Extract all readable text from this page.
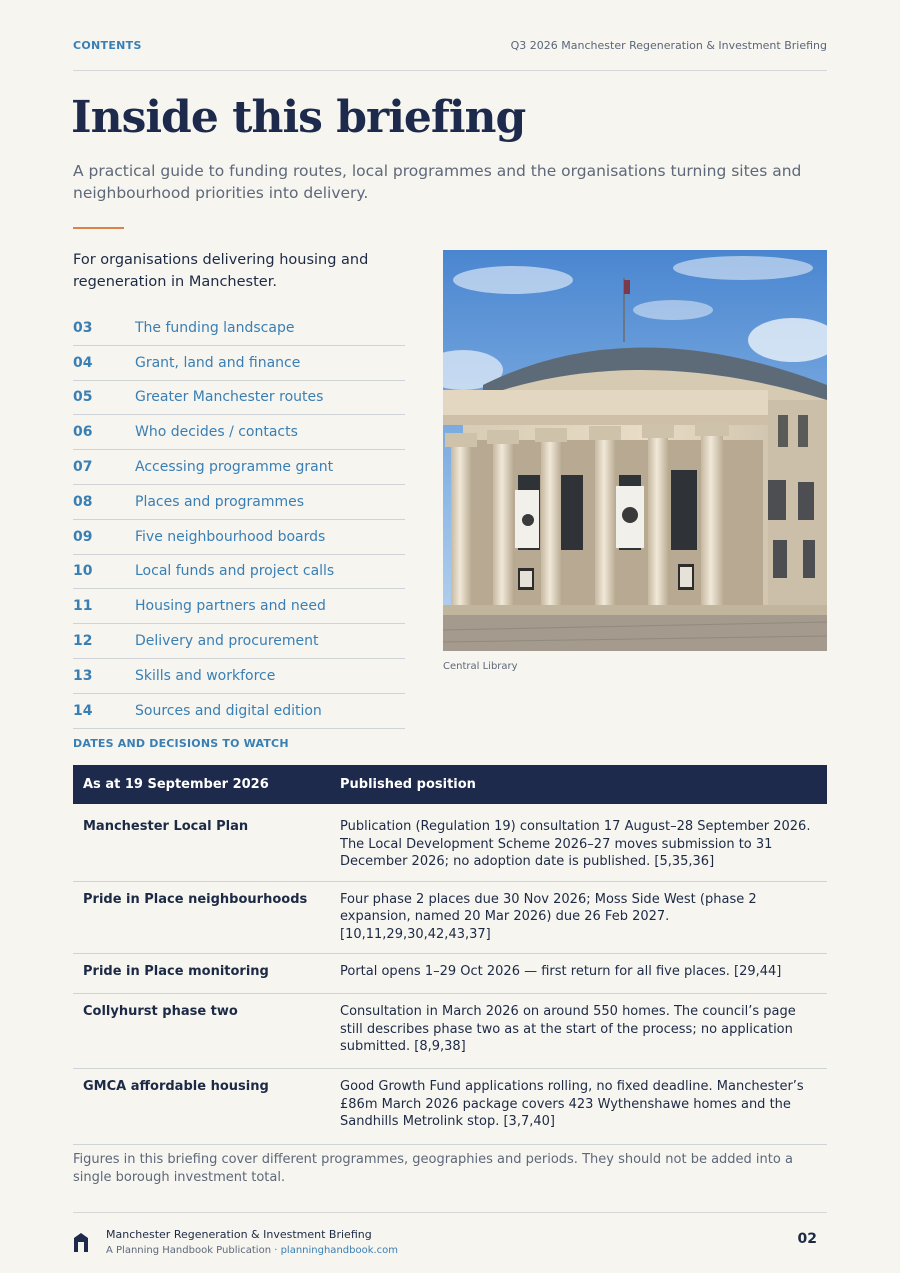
CONTENTS	Q3 2026 Manchester Regeneration & Investment Briefing
Inside this briefing

A practical guide to funding routes, local programmes and the organisations turning sites and neighbourhood priorities into delivery.

For organisations delivering housing and regeneration in Manchester.

03	The funding landscape
04	Grant, land and finance
05	Greater Manchester routes
06	Who decides / contacts
07	Accessing programme grant
08	Places and programmes
09	Five neighbourhood boards
10	Local funds and project calls
11	Housing partners and need
12	Delivery and procurement
13	Skills and workforce
14	Sources and digital edition
Central Library
DATES AND DECISIONS TO WATCH
As at 19 September 2026	Published position
Manchester Local Plan	Publication (Regulation 19) consultation 17 August–28 September 2026. The Local Development Scheme 2026–27 moves submission to 31 December 2026; no adoption date is published. [5,35,36]
Pride in Place neighbourhoods	Four phase 2 places due 30 Nov 2026; Moss Side West (phase 2 expansion, named 20 Mar 2026) due 26 Feb 2027. [10,11,29,30,42,43,37]
Pride in Place monitoring	Portal opens 1–29 Oct 2026 — first return for all five places. [29,44]
Collyhurst phase two	Consultation in March 2026 on around 550 homes. The council’s page still describes phase two as at the start of the process; no application submitted. [8,9,38]
GMCA affordable housing	Good Growth Fund applications rolling, no fixed deadline. Manchester’s £86m March 2026 package covers 423 Wythenshawe homes and the Sandhills Metrolink stop. [3,7,40]

Figures in this briefing cover different programmes, geographies and periods. They should not be added into a single borough investment total.

Manchester Regeneration & Investment Briefing
A Planning Handbook Publication · planninghandbook.com
02
